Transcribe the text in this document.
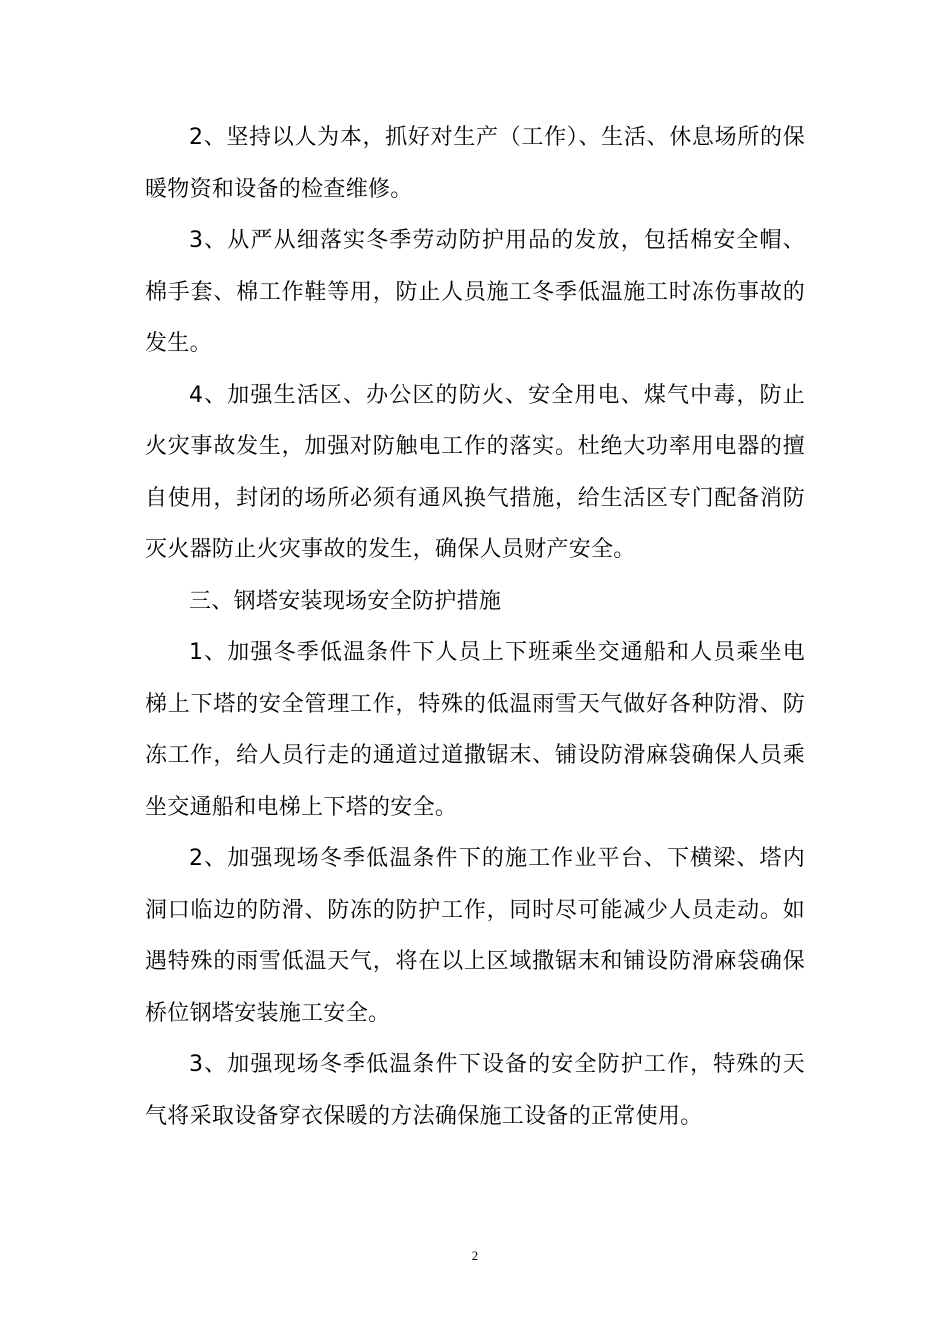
2、坚持以人为本，抓好对生产（工作）、生活、休息场所的保暖物资和设备的检查维修。

3、从严从细落实冬季劳动防护用品的发放，包括棉安全帽、棉手套、棉工作鞋等用，防止人员施工冬季低温施工时冻伤事故的发生。

4、加强生活区、办公区的防火、安全用电、煤气中毒，防止火灾事故发生，加强对防触电工作的落实。杜绝大功率用电器的擅自使用，封闭的场所必须有通风换气措施，给生活区专门配备消防灭火器防止火灾事故的发生，确保人员财产安全。

三、钢塔安装现场安全防护措施

1、加强冬季低温条件下人员上下班乘坐交通船和人员乘坐电梯上下塔的安全管理工作，特殊的低温雨雪天气做好各种防滑、防冻工作，给人员行走的通道过道撒锯末、铺设防滑麻袋确保人员乘坐交通船和电梯上下塔的安全。

2、加强现场冬季低温条件下的施工作业平台、下横梁、塔内洞口临边的防滑、防冻的防护工作，同时尽可能减少人员走动。如遇特殊的雨雪低温天气，将在以上区域撒锯末和铺设防滑麻袋确保桥位钢塔安装施工安全。

3、加强现场冬季低温条件下设备的安全防护工作，特殊的天气将采取设备穿衣保暖的方法确保施工设备的正常使用。

2
